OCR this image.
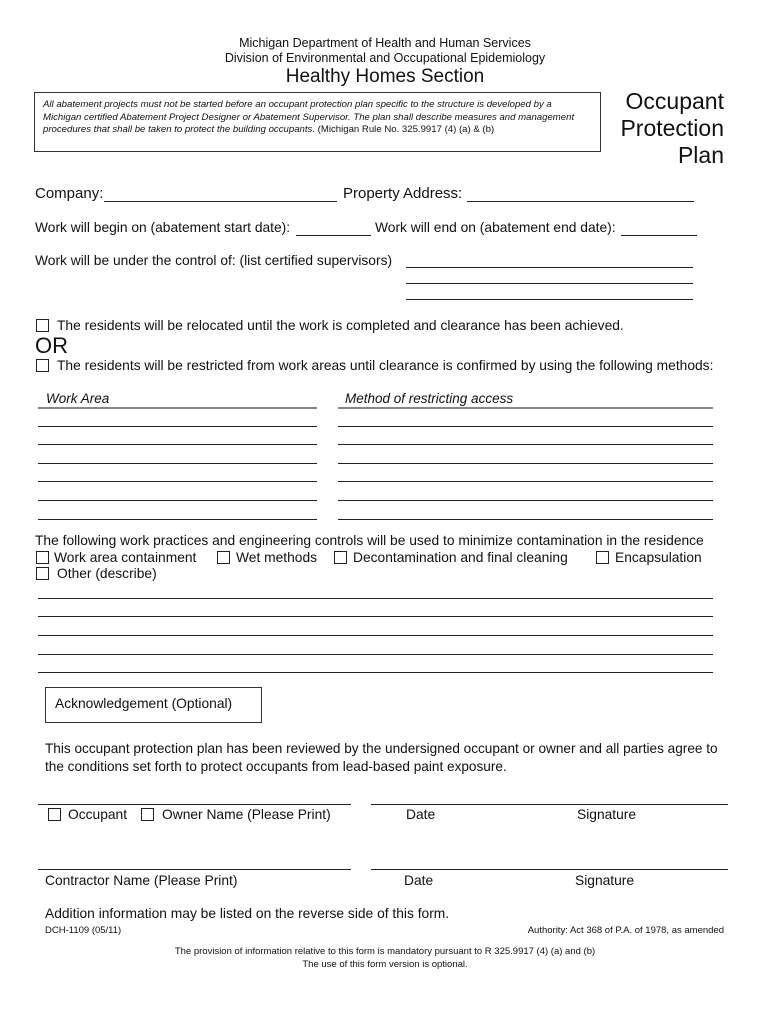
Michigan Department of Health and Human Services
Division of Environmental and Occupational Epidemiology
Healthy Homes Section
All abatement projects must not be started before an occupant protection plan specific to the structure is developed by a Michigan certified Abatement Project Designer or Abatement Supervisor. The plan shall describe measures and management procedures that shall be taken to protect the building occupants. (Michigan Rule No. 325.9917 (4) (a) & (b)
Occupant
Protection
Plan
Company:	Property Address:
Work will begin on (abatement start date):	Work will end on (abatement end date):
Work will be under the control of: (list certified supervisors)
The residents will be relocated until the work is completed and clearance has been achieved.
OR
The residents will be restricted from work areas until clearance is confirmed by using the following methods:
Work Area	Method of restricting access
The following work practices and engineering controls will be used to minimize contamination in the residence
Work area containment	Wet methods	Decontamination and final cleaning	Encapsulation
Other (describe)
Acknowledgement (Optional)
This occupant protection plan has been reviewed by the undersigned occupant or owner and all parties agree to the conditions set forth to protect occupants from lead-based paint exposure.
Occupant	Owner Name (Please Print)	Date	Signature
Contractor Name (Please Print)	Date	Signature
Addition information may be listed on the reverse side of this form.
DCH-1109 (05/11)	Authority: Act 368 of P.A. of 1978, as amended
The provision of information relative to this form is mandatory pursuant to R 325.9917 (4) (a) and (b)
The use of this form version is optional.
